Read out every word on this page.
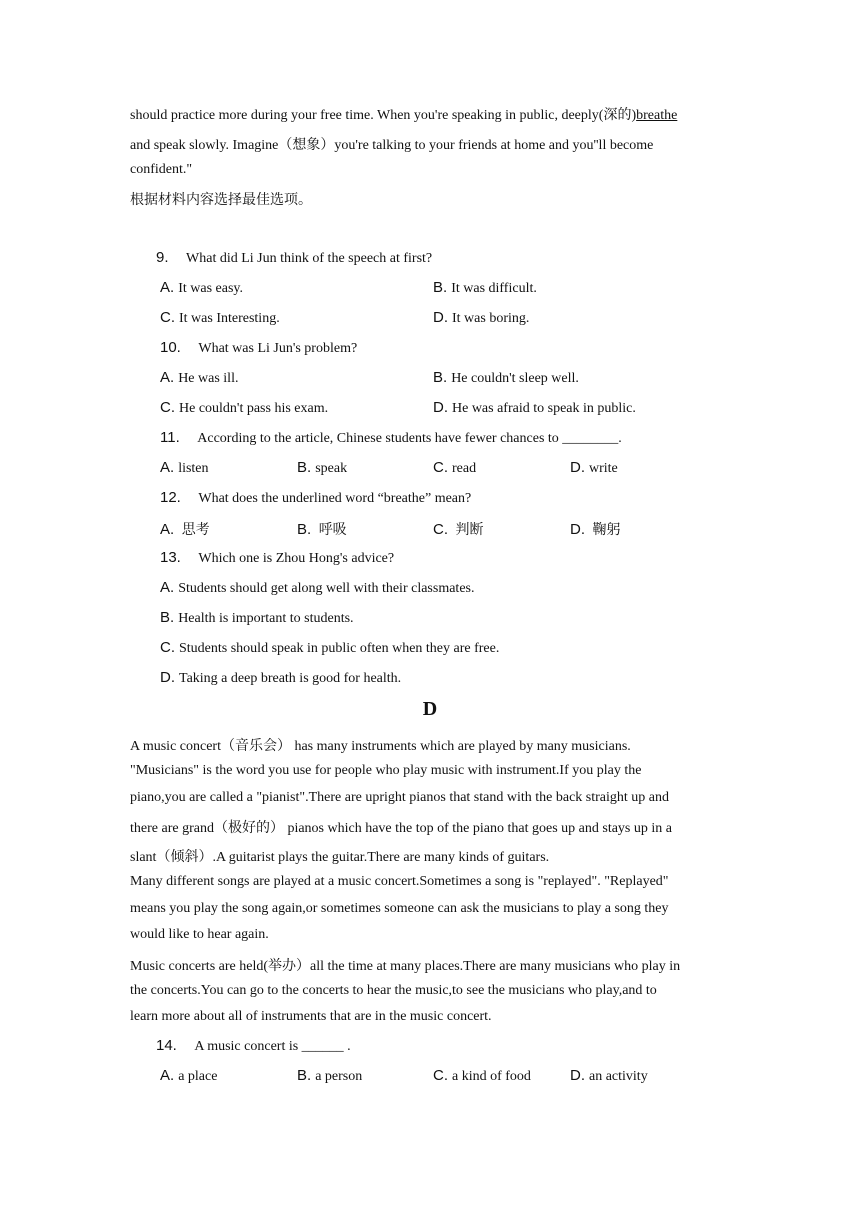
should practice more during your free time. When you're speaking in public, deeply(深的)breathe
and speak slowly. Imagine（想象）you're talking to your friends at home and you''ll become
confident."
根据材料内容选择最佳选项。
9. What did Li Jun think of the speech at first?
A. It was easy.	B. It was difficult.
C. It was Interesting.	D. It was boring.
10. What was Li Jun's problem?
A. He was ill.	B. He couldn't sleep well.
C. He couldn't pass his exam.	D. He was afraid to speak in public.
11. According to the article, Chinese students have fewer chances to ________.
A. listen	B. speak	C. read	D. write
12. What does the underlined word “breathe” mean?
A. 思考	B. 呼吸	C. 判断	D. 鞠躬
13. Which one is Zhou Hong's advice?
A. Students should get along well with their classmates.
B. Health is important to students.
C. Students should speak in public often when they are free.
D. Taking a deep breath is good for health.
D
A music concert（音乐会） has many instruments which are played by many musicians.
"Musicians" is the word you use for people who play music with instrument.If you play the
piano,you are called a "pianist".There are upright pianos that stand with the back straight up and
there are grand（极好的） pianos which have the top of the piano that goes up and stays up in a
slant（倾斜）.A guitarist plays the guitar.There are many kinds of guitars.
Many different songs are played at a music concert.Sometimes a song is "replayed". "Replayed"
means you play the song again,or sometimes someone can ask the musicians to play a song they
would like to hear again.
Music concerts are held(举办）all the time at many places.There are many musicians who play in
the concerts.You can go to the concerts to hear the music,to see the musicians who play,and to
learn more about all of instruments that are in the music concert.
14. A music concert is ______ .
A. a place	B. a person	C. a kind of food	D. an activity
